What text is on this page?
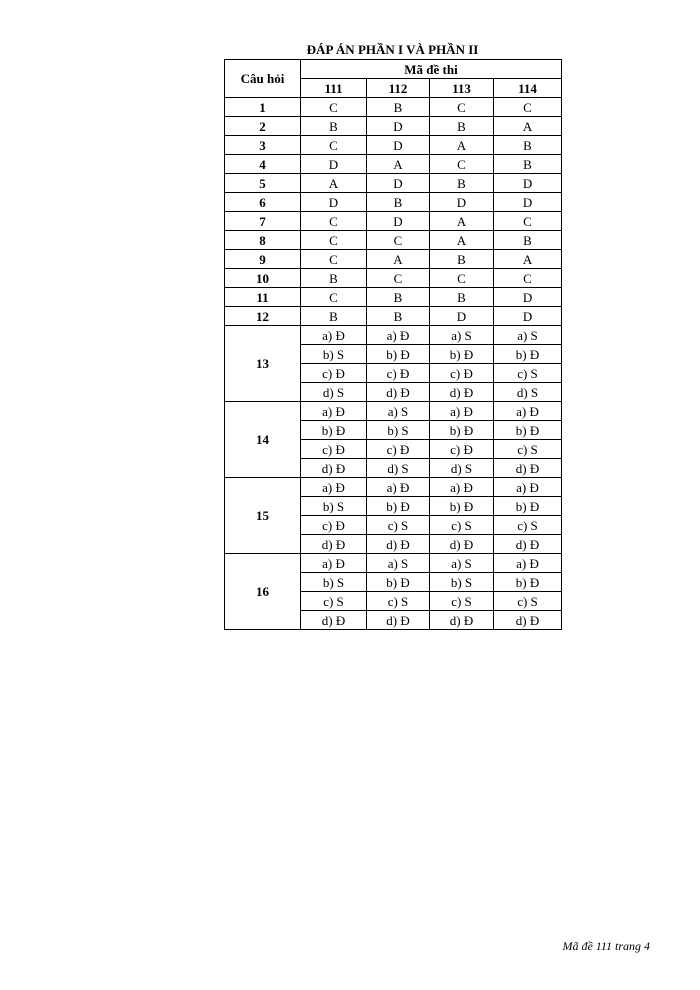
ĐÁP ÁN PHẦN I VÀ PHẦN II
Câu hỏi	Mã đề thi			
	111	112	113	114
1	C	B	C	C
2	B	D	B	A
3	C	D	A	B
4	D	A	C	B
5	A	D	B	D
6	D	B	D	D
7	C	D	A	C
8	C	C	A	B
9	C	A	B	A
10	B	C	C	C
11	C	B	B	D
12	B	B	D	D
13	a) Đ	a) Đ	a) S	a) S
	b) S	b) Đ	b) Đ	b) Đ
	c) Đ	c) Đ	c) Đ	c) S
	d) S	d) Đ	d) Đ	d) S
14	a) Đ	a) S	a) Đ	a) Đ
	b) Đ	b) S	b) Đ	b) Đ
	c) Đ	c) Đ	c) Đ	c) S
	d) Đ	d) S	d) S	d) Đ
15	a) Đ	a) Đ	a) Đ	a) Đ
	b) S	b) Đ	b) Đ	b) Đ
	c) Đ	c) S	c) S	c) S
	d) Đ	d) Đ	d) Đ	d) Đ
16	a) Đ	a) S	a) S	a) Đ
	b) S	b) Đ	b) S	b) Đ
	c) S	c) S	c) S	c) S
	d) Đ	d) Đ	d) Đ	d) Đ
Mã đề 111 trang 4
